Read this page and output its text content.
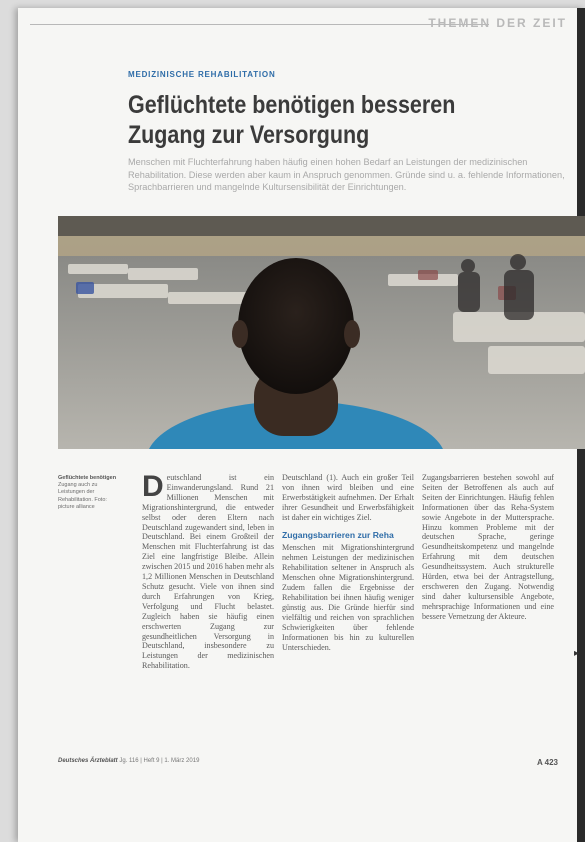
THEMEN DER ZEIT
MEDIZINISCHE REHABILITATION
Geflüchtete benötigen besseren Zugang zur Versorgung
Menschen mit Fluchterfahrung haben häufig einen hohen Bedarf an Leistungen der medizinischen Rehabilitation. Diese werden aber kaum in Anspruch genommen. Gründe sind u. a. fehlende Informationen, Sprachbarrieren und mangelnde Kultursensibilität der Einrichtungen.
Geflüchtete benötigen
Zugang auch zu Leistungen der Rehabilitation. Foto: picture alliance

Deutschland ist ein Einwanderungsland. Rund 21 Millionen Menschen mit Migrationshintergrund, die entweder selbst oder deren Eltern nach Deutschland zugewandert sind, leben in Deutschland. Bei einem Großteil der Menschen mit Fluchterfahrung ist das Ziel eine langfristige Bleibe. Allein zwischen 2015 und 2016 haben mehr als 1,2 Millionen Menschen in Deutschland Schutz gesucht. Viele von ihnen sind durch Erfahrungen von Krieg, Verfolgung und Flucht belastet. Zugleich haben sie häufig einen erschwerten Zugang zur gesundheitlichen Versorgung in Deutschland, insbesondere zu Leistungen der medizinischen Rehabilitation.

Deutschland (1). Auch ein großer Teil von ihnen wird bleiben und eine Erwerbstätigkeit aufnehmen. Der Erhalt ihrer Gesundheit und Erwerbsfähigkeit ist daher ein wichtiges Ziel.

Zugangsbarrieren zur Reha

Menschen mit Migrationshintergrund nehmen Leistungen der medizinischen Rehabilitation seltener in Anspruch als Menschen ohne Migrationshintergrund. Zudem fallen die Ergebnisse der Rehabilitation bei ihnen häufig weniger günstig aus. Die Gründe hierfür sind vielfältig und reichen von sprachlichen Schwierigkeiten über fehlende Informationen bis hin zu kulturellen Unterschieden.

Zugangsbarrieren bestehen sowohl auf Seiten der Betroffenen als auch auf Seiten der Einrichtungen. Häufig fehlen Informationen über das Reha-System sowie Angebote in der Muttersprache. Hinzu kommen Probleme mit der deutschen Sprache, geringe Gesundheitskompetenz und mangelnde Erfahrung mit dem deutschen Gesundheitssystem. Auch strukturelle Hürden, etwa bei der Antragstellung, erschweren den Zugang. Notwendig sind daher kultursensible Angebote, mehrsprachige Informationen und eine bessere Vernetzung der Akteure.

▸
Deutsches Ärzteblatt Jg. 116 | Heft 9 | 1. März 2019	A 423
